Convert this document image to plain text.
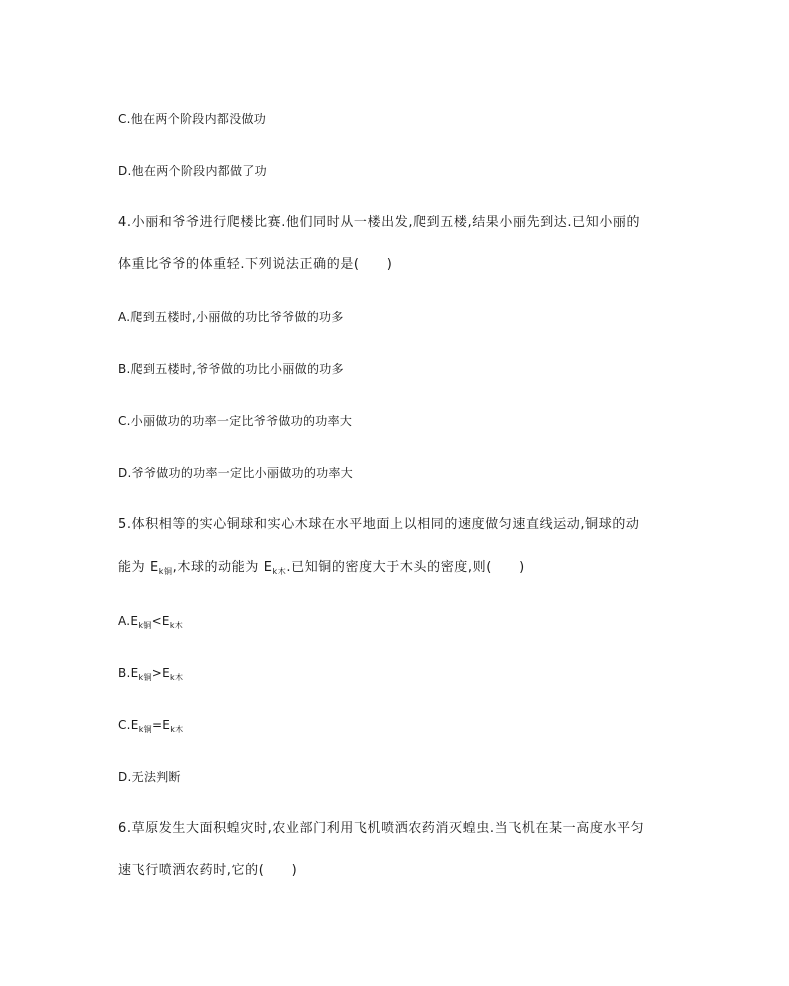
C.他在两个阶段内都没做功
D.他在两个阶段内都做了功
4.小丽和爷爷进行爬楼比赛.他们同时从一楼出发,爬到五楼,结果小丽先到达.已知小丽的
体重比爷爷的体重轻.下列说法正确的是(　　)
A.爬到五楼时,小丽做的功比爷爷做的功多
B.爬到五楼时,爷爷做的功比小丽做的功多
C.小丽做功的功率一定比爷爷做功的功率大
D.爷爷做功的功率一定比小丽做功的功率大
5.体积相等的实心铜球和实心木球在水平地面上以相同的速度做匀速直线运动,铜球的动
能为 $E_{k铜}$,木球的动能为 $E_{k木}$.已知铜的密度大于木头的密度,则(　　)
$A.E_{k铜}<E_{k木}$
$B.E_{k铜}>E_{k木}$
$C.E_{k铜}=E_{k木}$
D.无法判断
6.草原发生大面积蝗灾时,农业部门利用飞机喷洒农药消灭蝗虫.当飞机在某一高度水平匀
速飞行喷洒农药时,它的(　　)
